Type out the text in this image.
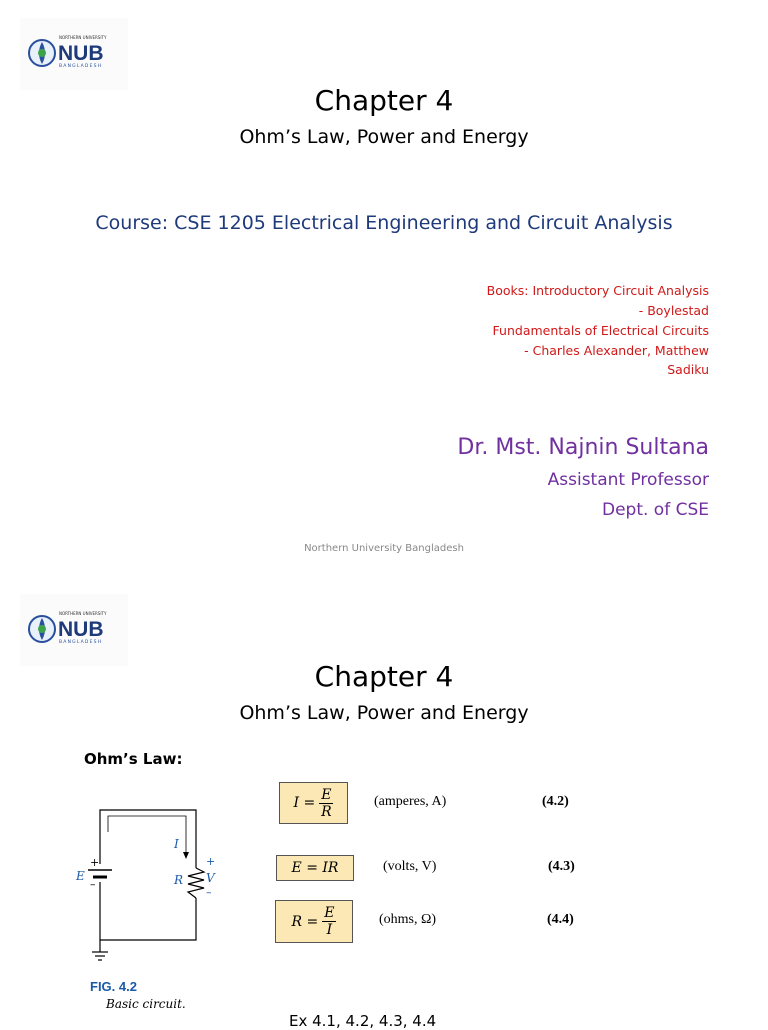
NORTHERN UNIVERSITY
NUB
BANGLADESH
Chapter 4
Ohm’s Law, Power and Energy
Course: CSE 1205 Electrical Engineering and Circuit Analysis
Books: Introductory Circuit Analysis
- Boylestad
Fundamentals of Electrical Circuits
- Charles Alexander, Matthew
Sadiku
Dr. Mst. Najnin Sultana
Assistant Professor
Dept. of CSE
Northern University Bangladesh
NORTHERN UNIVERSITY
NUB
BANGLADESH
Chapter 4
Ohm’s Law, Power and Energy
Ohm’s Law:
+
–
E	R
I
+
V
–
FIG. 4.2
Basic circuit.
$I = \frac{E}{R}$	(amperes, A)	(4.2)
E = IR	(volts, V)	(4.3)
$R = \frac{E}{I}$	(ohms, Ω)	(4.4)
Ex 4.1, 4.2, 4.3, 4.4
